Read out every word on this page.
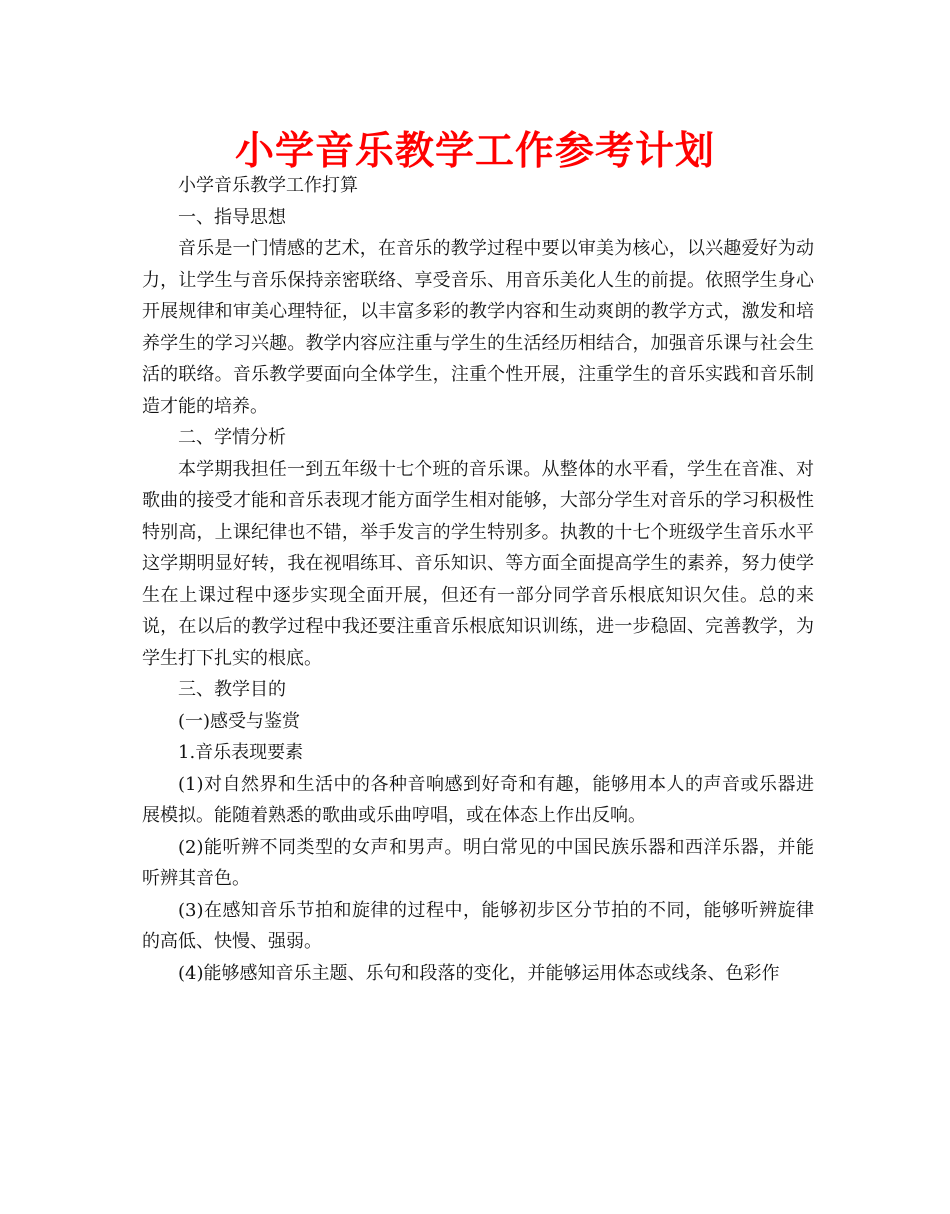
小学音乐教学工作参考计划

小学音乐教学工作打算

一、指导思想

音乐是一门情感的艺术，在音乐的教学过程中要以审美为核心，以兴趣爱好为动力，让学生与音乐保持亲密联络、享受音乐、用音乐美化人生的前提。依照学生身心开展规律和审美心理特征，以丰富多彩的教学内容和生动爽朗的教学方式，激发和培养学生的学习兴趣。教学内容应注重与学生的生活经历相结合，加强音乐课与社会生活的联络。音乐教学要面向全体学生，注重个性开展，注重学生的音乐实践和音乐制造才能的培养。

二、学情分析

本学期我担任一到五年级十七个班的音乐课。从整体的水平看，学生在音准、对歌曲的接受才能和音乐表现才能方面学生相对能够，大部分学生对音乐的学习积极性特别高，上课纪律也不错，举手发言的学生特别多。执教的十七个班级学生音乐水平这学期明显好转，我在视唱练耳、音乐知识、等方面全面提高学生的素养，努力使学生在上课过程中逐步实现全面开展，但还有一部分同学音乐根底知识欠佳。总的来说，在以后的教学过程中我还要注重音乐根底知识训练，进一步稳固、完善教学，为学生打下扎实的根底。

三、教学目的

(一)感受与鉴赏

1.音乐表现要素

(1)对自然界和生活中的各种音响感到好奇和有趣，能够用本人的声音或乐器进展模拟。能随着熟悉的歌曲或乐曲哼唱，或在体态上作出反响。

(2)能听辨不同类型的女声和男声。明白常见的中国民族乐器和西洋乐器，并能听辨其音色。

(3)在感知音乐节拍和旋律的过程中，能够初步区分节拍的不同，能够听辨旋律的高低、快慢、强弱。

(4)能够感知音乐主题、乐句和段落的变化，并能够运用体态或线条、色彩作
